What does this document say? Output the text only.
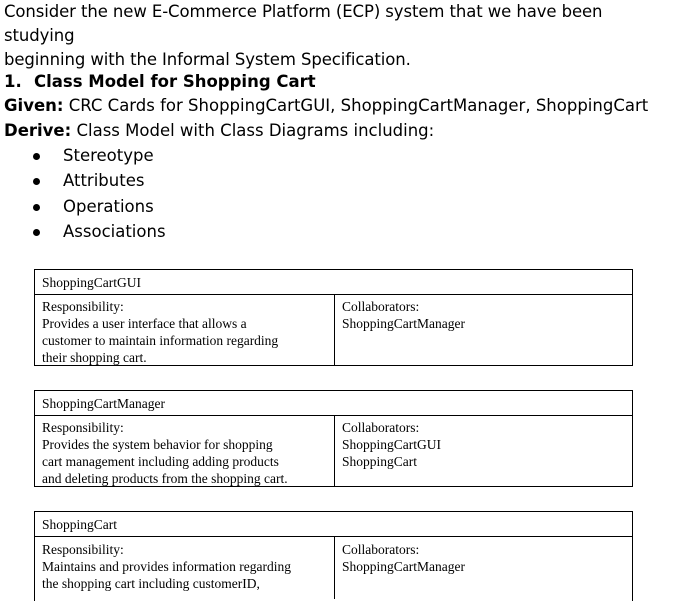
Consider the new E-Commerce Platform (ECP) system that we have been studying
beginning with the Informal System Specification.
1. Class Model for Shopping Cart
Given: CRC Cards for ShoppingCartGUI, ShoppingCartManager, ShoppingCart
Derive: Class Model with Class Diagrams including:
Stereotype
Attributes
Operations
Associations
ShoppingCartGUI
Responsibility:
Provides a user interface that allows a
customer to maintain information regarding
their shopping cart.
Collaborators:
ShoppingCartManager
ShoppingCartManager
Responsibility:
Provides the system behavior for shopping
cart management including adding products
and deleting products from the shopping cart.
Collaborators:
ShoppingCartGUI
ShoppingCart
ShoppingCart
Responsibility:
Maintains and provides information regarding
the shopping cart including customerID,
Collaborators:
ShoppingCartManager
